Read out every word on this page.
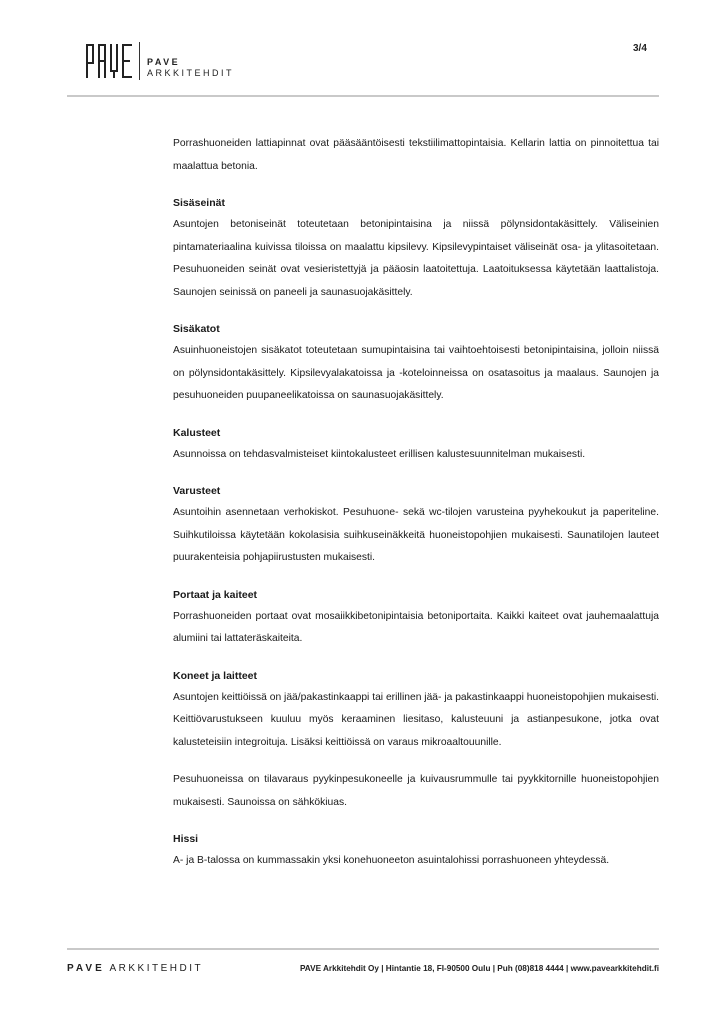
PAVE
ARKKITEHDIT
3/4

Porrashuoneiden lattiapinnat ovat pääsääntöisesti tekstiilimattopintaisia. Kellarin lattia on pinnoitettua tai maalattua betonia.

Sisäseinät

Asuntojen betoniseinät toteutetaan betonipintaisina ja niissä pölynsidontakäsittely. Väliseinien pintamateriaalina kuivissa tiloissa on maalattu kipsilevy. Kipsilevypintaiset väliseinät osa- ja ylitasoitetaan. Pesuhuoneiden seinät ovat vesieristettyjä ja pääosin laatoitettuja. Laatoituksessa käytetään laattalistoja. Saunojen seinissä on paneeli ja saunasuojakäsittely.

Sisäkatot

Asuinhuoneistojen sisäkatot toteutetaan sumupintaisina tai vaihtoehtoisesti betonipintaisina, jolloin niissä on pölynsidontakäsittely. Kipsilevyalakatoissa ja -koteloinneissa on osatasoitus ja maalaus. Saunojen ja pesuhuoneiden puupaneelikatoissa on saunasuojakäsittely.

Kalusteet

Asunnoissa on tehdasvalmisteiset kiintokalusteet erillisen kalustesuunnitelman mukaisesti.

Varusteet

Asuntoihin asennetaan verhokiskot. Pesuhuone- sekä wc-tilojen varusteina pyyhekoukut ja paperiteline. Suihkutiloissa käytetään kokolasisia suihkuseinäkkeitä huoneistopohjien mukaisesti. Saunatilojen lauteet puurakenteisia pohjapiirustusten mukaisesti.

Portaat ja kaiteet

Porrashuoneiden portaat ovat mosaiikkibetonipintaisia betoniportaita. Kaikki kaiteet ovat jauhemaalattuja alumiini tai lattateräskaiteita.

Koneet ja laitteet

Asuntojen keittiöissä on jää/pakastinkaappi tai erillinen jää- ja pakastinkaappi huoneistopohjien mukaisesti. Keittiövarustukseen kuuluu myös keraaminen liesitaso, kalusteuuni ja astianpesukone, jotka ovat kalusteteisiin integroituja. Lisäksi keittiöissä on varaus mikroaaltouunille.

Pesuhuoneissa on tilavaraus pyykinpesukoneelle ja kuivausrummulle tai pyykkitornille huoneistopohjien mukaisesti. Saunoissa on sähkökiuas.

Hissi

A- ja B-talossa on kummassakin yksi konehuoneeton asuintalohissi porrashuoneen yhteydessä.

PAVE ARKKITEHDIT	PAVE Arkkitehdit Oy | Hintantie 18, FI-90500 Oulu | Puh (08)818 4444 | www.pavearkkitehdit.fi
